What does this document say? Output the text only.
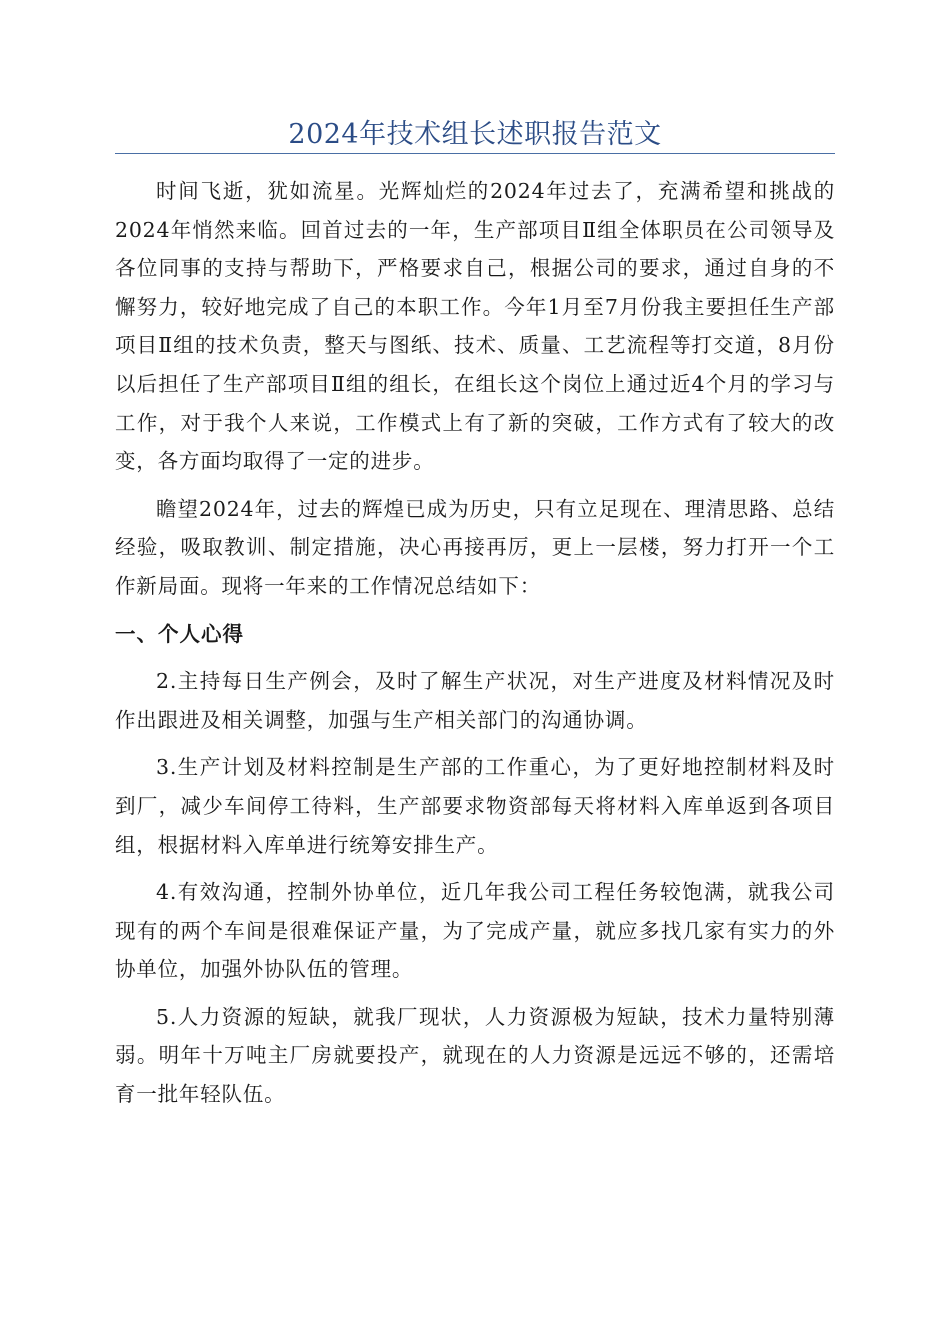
2024年技术组长述职报告范文

时间飞逝，犹如流星。光辉灿烂的2024年过去了，充满希望和挑战的2024年悄然来临。回首过去的一年，生产部项目Ⅱ组全体职员在公司领导及各位同事的支持与帮助下，严格要求自己，根据公司的要求，通过自身的不懈努力，较好地完成了自己的本职工作。今年1月至7月份我主要担任生产部项目Ⅱ组的技术负责，整天与图纸、技术、质量、工艺流程等打交道，8月份以后担任了生产部项目Ⅱ组的组长，在组长这个岗位上通过近4个月的学习与工作，对于我个人来说，工作模式上有了新的突破，工作方式有了较大的改变，各方面均取得了一定的进步。

瞻望2024年，过去的辉煌已成为历史，只有立足现在、理清思路、总结经验，吸取教训、制定措施，决心再接再厉，更上一层楼，努力打开一个工作新局面。现将一年来的工作情况总结如下：

一、个人心得

2.主持每日生产例会，及时了解生产状况，对生产进度及材料情况及时作出跟进及相关调整，加强与生产相关部门的沟通协调。

3.生产计划及材料控制是生产部的工作重心，为了更好地控制材料及时到厂，减少车间停工待料，生产部要求物资部每天将材料入库单返到各项目组，根据材料入库单进行统筹安排生产。

4.有效沟通，控制外协单位，近几年我公司工程任务较饱满，就我公司现有的两个车间是很难保证产量，为了完成产量，就应多找几家有实力的外协单位，加强外协队伍的管理。

5.人力资源的短缺，就我厂现状，人力资源极为短缺，技术力量特别薄弱。明年十万吨主厂房就要投产，就现在的人力资源是远远不够的，还需培育一批年轻队伍。
